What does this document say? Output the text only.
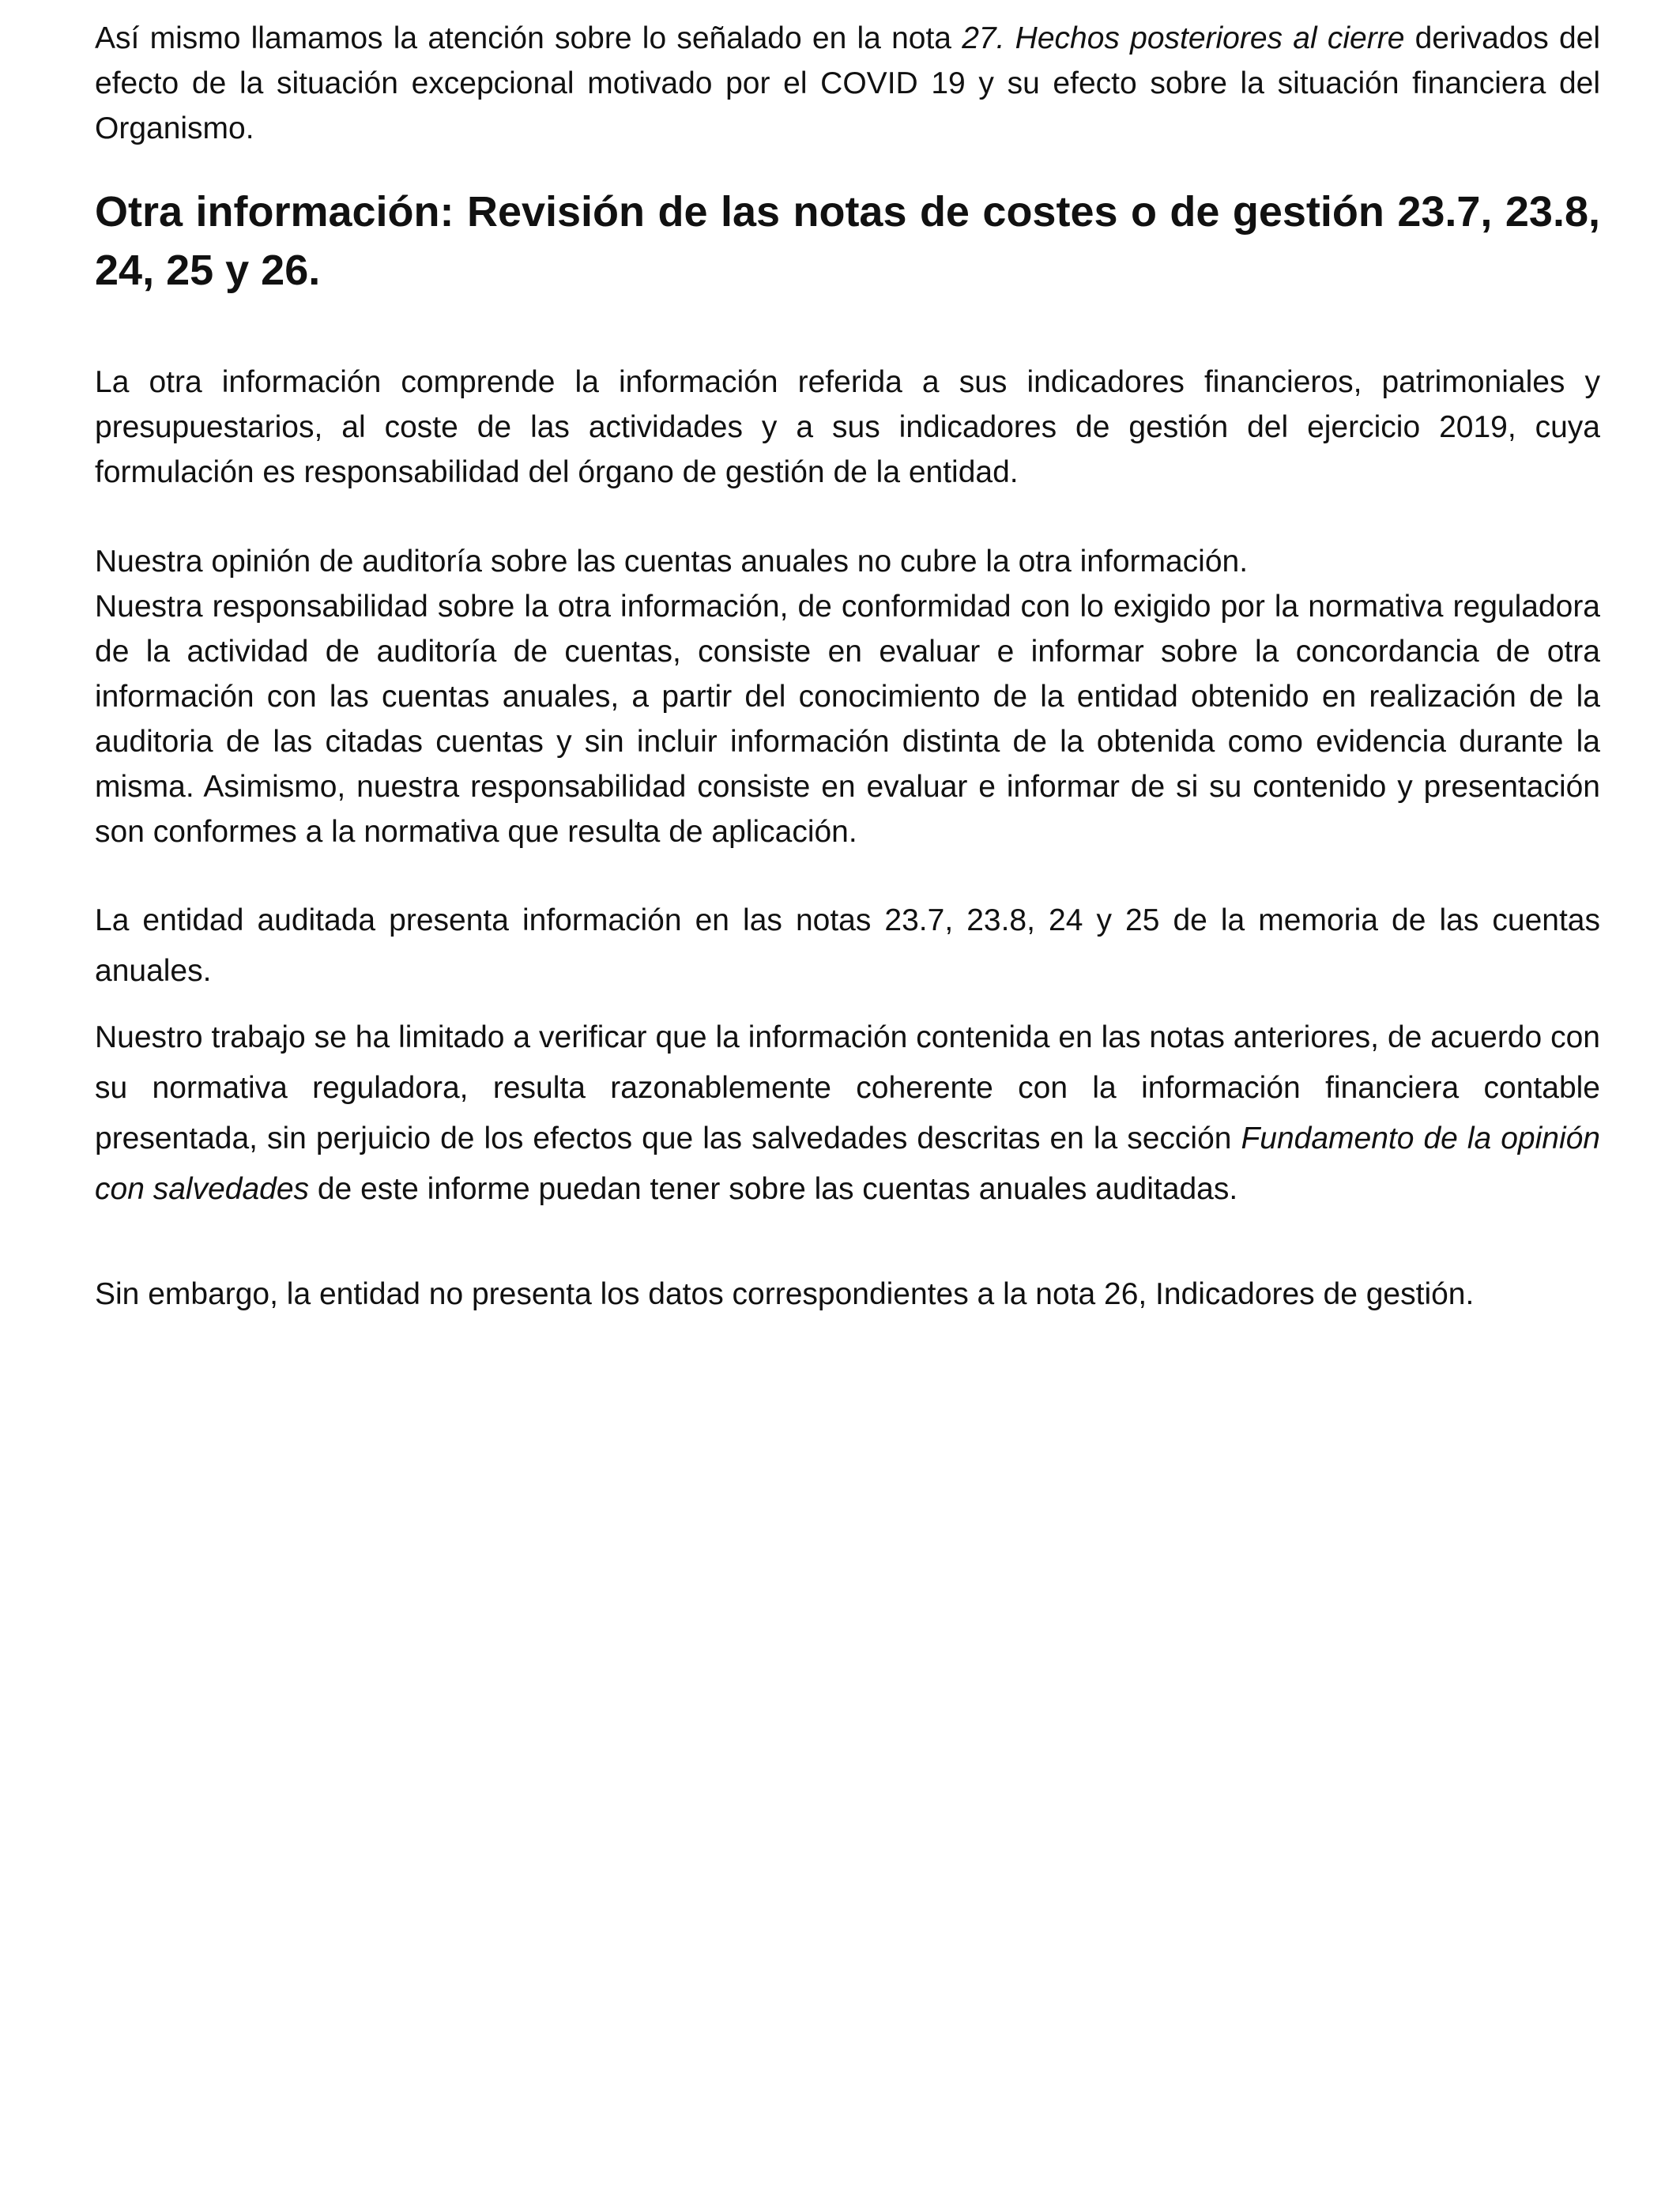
Así mismo llamamos la atención sobre lo señalado en la nota 27. Hechos posteriores al cierre derivados del efecto de la situación excepcional motivado por el COVID 19 y su efecto sobre la situación financiera del Organismo.

Otra información: Revisión de las notas de costes o de gestión 23.7, 23.8, 24, 25 y 26.

La otra información comprende la información referida a sus indicadores financieros, patrimoniales y presupuestarios, al coste de las actividades y a sus indicadores de gestión del ejercicio 2019, cuya formulación es responsabilidad del órgano de gestión de la entidad.

Nuestra opinión de auditoría sobre las cuentas anuales no cubre la otra información.

Nuestra responsabilidad sobre la otra información, de conformidad con lo exigido por la normativa reguladora de la actividad de auditoría de cuentas, consiste en evaluar e informar sobre la concordancia de otra información con las cuentas anuales, a partir del conocimiento de la entidad obtenido en realización de la auditoria de las citadas cuentas y sin incluir información distinta de la obtenida como evidencia durante la misma. Asimismo, nuestra responsabilidad consiste en evaluar e informar de si su contenido y presentación son conformes a la normativa que resulta de aplicación.

La entidad auditada presenta información en las notas 23.7, 23.8, 24 y 25 de la memoria de las cuentas anuales.

Nuestro trabajo se ha limitado a verificar que la información contenida en las notas anteriores, de acuerdo con su normativa reguladora, resulta razonablemente coherente con la información financiera contable presentada, sin perjuicio de los efectos que las salvedades descritas en la sección Fundamento de la opinión con salvedades de este informe puedan tener sobre las cuentas anuales auditadas.

Sin embargo, la entidad no presenta los datos correspondientes a la nota 26, Indicadores de gestión.
